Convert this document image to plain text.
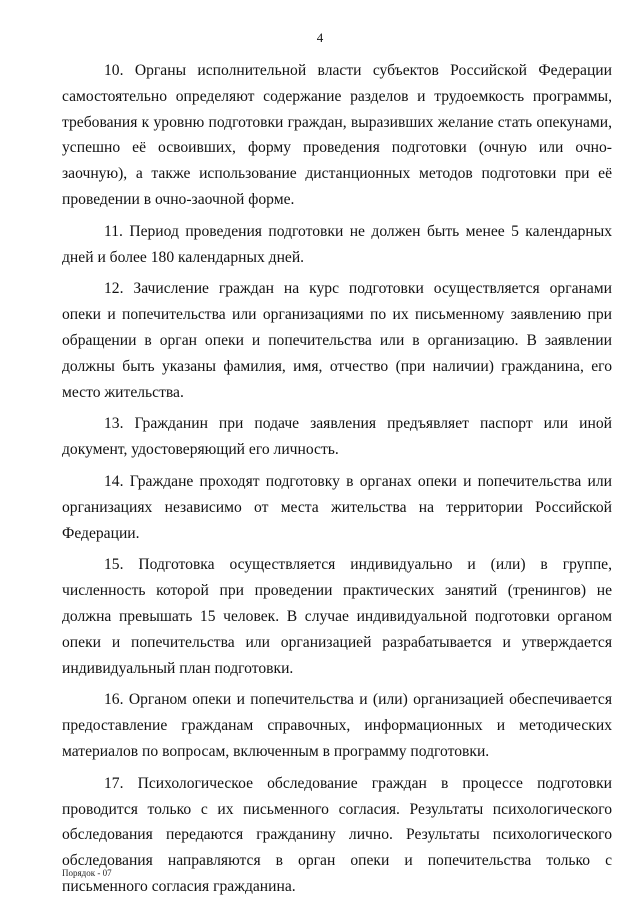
4

10. Органы исполнительной власти субъектов Российской Федерации самостоятельно определяют содержание разделов и трудоемкость программы, требования к уровню подготовки граждан, выразивших желание стать опекунами, успешно её освоивших, форму проведения подготовки (очную или очно-заочную), а также использование дистанционных методов подготовки при её проведении в очно-заочной форме.

11. Период проведения подготовки не должен быть менее 5 календарных дней и более 180 календарных дней.

12. Зачисление граждан на курс подготовки осуществляется органами опеки и попечительства или организациями по их письменному заявлению при обращении в орган опеки и попечительства или в организацию. В заявлении должны быть указаны фамилия, имя, отчество (при наличии) гражданина, его место жительства.

13. Гражданин при подаче заявления предъявляет паспорт или иной документ, удостоверяющий его личность.

14. Граждане проходят подготовку в органах опеки и попечительства или организациях независимо от места жительства на территории Российской Федерации.

15. Подготовка осуществляется индивидуально и (или) в группе, численность которой при проведении практических занятий (тренингов) не должна превышать 15 человек. В случае индивидуальной подготовки органом опеки и попечительства или организацией разрабатывается и утверждается индивидуальный план подготовки.

16. Органом опеки и попечительства и (или) организацией обеспечивается предоставление гражданам справочных, информационных и методических материалов по вопросам, включенным в программу подготовки.

17. Психологическое обследование граждан в процессе подготовки проводится только с их письменного согласия. Результаты психологического обследования передаются гражданину лично. Результаты психологического обследования направляются в орган опеки и попечительства только с письменного согласия гражданина.

Порядок - 07
